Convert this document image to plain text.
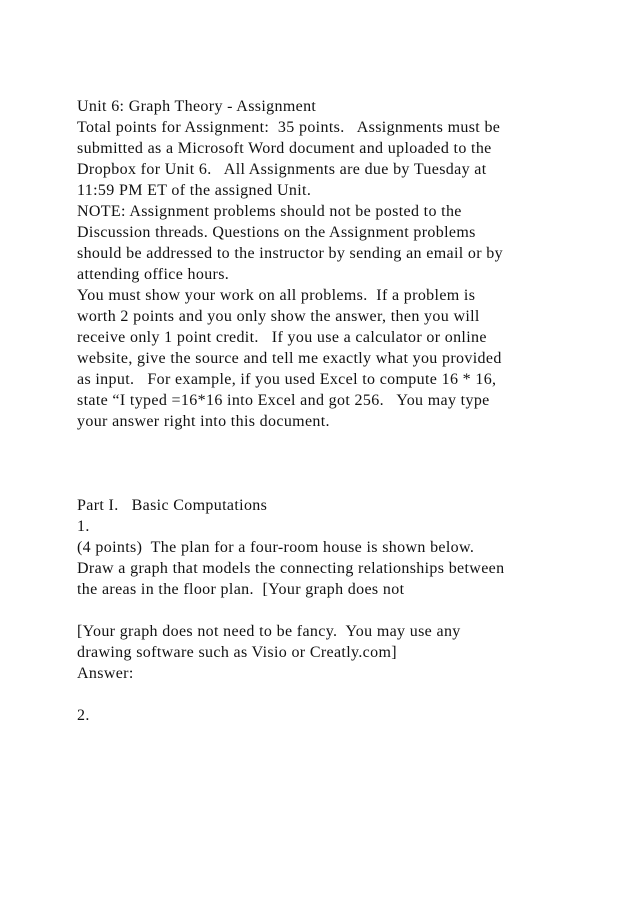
Unit 6: Graph Theory - Assignment
Total points for Assignment:  35 points.   Assignments must be
submitted as a Microsoft Word document and uploaded to the
Dropbox for Unit 6.   All Assignments are due by Tuesday at
11:59 PM ET of the assigned Unit.
NOTE: Assignment problems should not be posted to the
Discussion threads. Questions on the Assignment problems
should be addressed to the instructor by sending an email or by
attending office hours.
You must show your work on all problems.  If a problem is
worth 2 points and you only show the answer, then you will
receive only 1 point credit.   If you use a calculator or online
website, give the source and tell me exactly what you provided
as input.   For example, if you used Excel to compute 16 * 16,
state “I typed =16*16 into Excel and got 256.   You may type
your answer right into this document.
Part I.   Basic Computations
1.
(4 points)  The plan for a four-room house is shown below.
Draw a graph that models the connecting relationships between
the areas in the floor plan.  [Your graph does not
[Your graph does not need to be fancy.  You may use any
drawing software such as Visio or Creatly.com]
Answer:
2.
